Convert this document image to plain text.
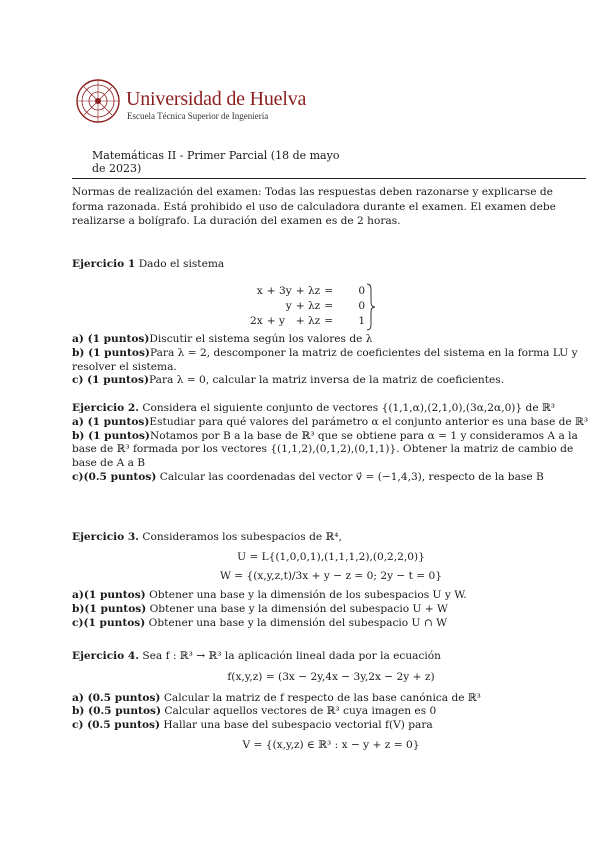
Universidad de Huelva
Escuela Técnica Superior de Ingeniería
Matemáticas II - Primer Parcial (18 de mayo de 2023)
Normas de realización del examen: Todas las respuestas deben razonarse y explicarse de forma razonada. Está prohibido el uso de calculadora durante el examen. El examen debe realizarse a bolígrafo. La duración del examen es de 2 horas.
Ejercicio 1 Dado el sistema
x	+ 3y	+ λz	=	0
	y	+ λz	=	0
2x	+ y	+ λz	=	1
a) (1 puntos)Discutir el sistema según los valores de λ
b) (1 puntos)Para λ = 2, descomponer la matriz de coeficientes del sistema en la forma LU y resolver el sistema.
c) (1 puntos)Para λ = 0, calcular la matriz inversa de la matriz de coeficientes.
Ejercicio 2. Considera el siguiente conjunto de vectores {(1,1,α),(2,1,0),(3α,2α,0)} de ℝ³
a) (1 puntos)Estudiar para qué valores del parámetro α el conjunto anterior es una base de ℝ³
b) (1 puntos)Notamos por B a la base de ℝ³ que se obtiene para α = 1 y consideramos A a la base de ℝ³ formada por los vectores {(1,1,2),(0,1,2),(0,1,1)}. Obtener la matriz de cambio de base de A a B
c)(0.5 puntos) Calcular las coordenadas del vector v⃗ = (−1,4,3), respecto de la base B
Ejercicio 3. Consideramos los subespacios de ℝ⁴,
U = L{(1,0,0,1),(1,1,1,2),(0,2,2,0)}
W = {(x,y,z,t)/3x + y − z = 0; 2y − t = 0}
a)(1 puntos) Obtener una base y la dimensión de los subespacios U y W.
b)(1 puntos) Obtener una base y la dimensión del subespacio U + W
c)(1 puntos) Obtener una base y la dimensión del subespacio U ∩ W
Ejercicio 4. Sea f : ℝ³ → ℝ³ la aplicación lineal dada por la ecuación
f(x,y,z) = (3x − 2y,4x − 3y,2x − 2y + z)
a) (0.5 puntos) Calcular la matriz de f respecto de las base canónica de ℝ³
b) (0.5 puntos) Calcular aquellos vectores de ℝ³ cuya imagen es 0
c) (0.5 puntos) Hallar una base del subespacio vectorial f(V) para
V = {(x,y,z) ∈ ℝ³ : x − y + z = 0}
